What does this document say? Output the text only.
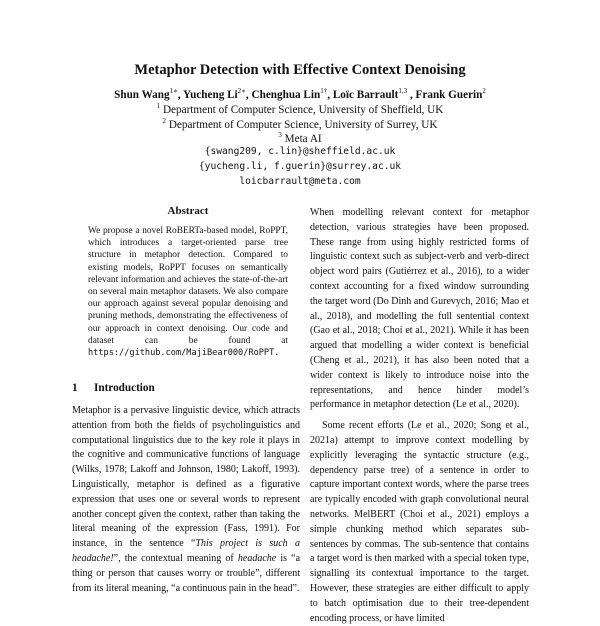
Metaphor Detection with Effective Context Denoising
Shun Wang$^{1∗}$, Yucheng $Li^{2∗}$, Chenghua Lin$^{1\dagger}$, Loïc Barrault$^{1,3}$ , Frank Guerin$^2$
$^1$ Department of Computer Science, University of Sheffield, UK
$^2$ Department of Computer Science, University of Surrey, UK
$^3$ Meta AI
{swang209, c.lin}@sheffield.ac.uk
{yucheng.li, f.guerin}@surrey.ac.uk
loicbarrault@meta.com
Abstract
We propose a novel RoBERTa-based model, RoPPT, which introduces a target-oriented parse tree structure in metaphor detection. Compared to existing models, RoPPT focuses on semantically relevant information and achieves the state-of-the-art on several main metaphor datasets. We also compare our approach against several popular denoising and pruning methods, demonstrating the effectiveness of our approach in context denoising. Our code and dataset can be found at https://github.com/MajiBear000/RoPPT.
1 Introduction

Metaphor is a pervasive linguistic device, which attracts attention from both the fields of psycholinguistics and computational linguistics due to the key role it plays in the cognitive and communicative functions of language (Wilks, 1978; Lakoff and Johnson, 1980; Lakoff, 1993). Linguistically, metaphor is defined as a figurative expression that uses one or several words to represent another concept given the context, rather than taking the literal meaning of the expression (Fass, 1991). For instance, in the sentence “This project is such a headache!”, the contextual meaning of headache is “a thing or person that causes worry or trouble”, different from its literal meaning, “a continuous pain in the head”.

When modelling relevant context for metaphor detection, various strategies have been proposed. These range from using highly restricted forms of linguistic context such as subject-verb and verb-direct object word pairs (Gutiérrez et al., 2016), to a wider context accounting for a fixed window surrounding the target word (Do Dinh and Gurevych, 2016; Mao et al., 2018), and modelling the full sentential context (Gao et al., 2018; Choi et al., 2021). While it has been argued that modelling a wider context is beneficial (Cheng et al., 2021), it has also been noted that a wider context is likely to introduce noise into the representations, and hence hinder model’s performance in metaphor detection (Le et al., 2020).

Some recent efforts (Le et al., 2020; Song et al., 2021a) attempt to improve context modelling by explicitly leveraging the syntactic structure (e.g., dependency parse tree) of a sentence in order to capture important context words, where the parse trees are typically encoded with graph convolutional neural networks. MelBERT (Choi et al., 2021) employs a simple chunking method which separates sub-sentences by commas. The sub-sentence that contains a target word is then marked with a special token type, signalling its contextual importance to the target. However, these strategies are either difficult to apply to batch optimisation due to their tree-dependent encoding process, or have limited
